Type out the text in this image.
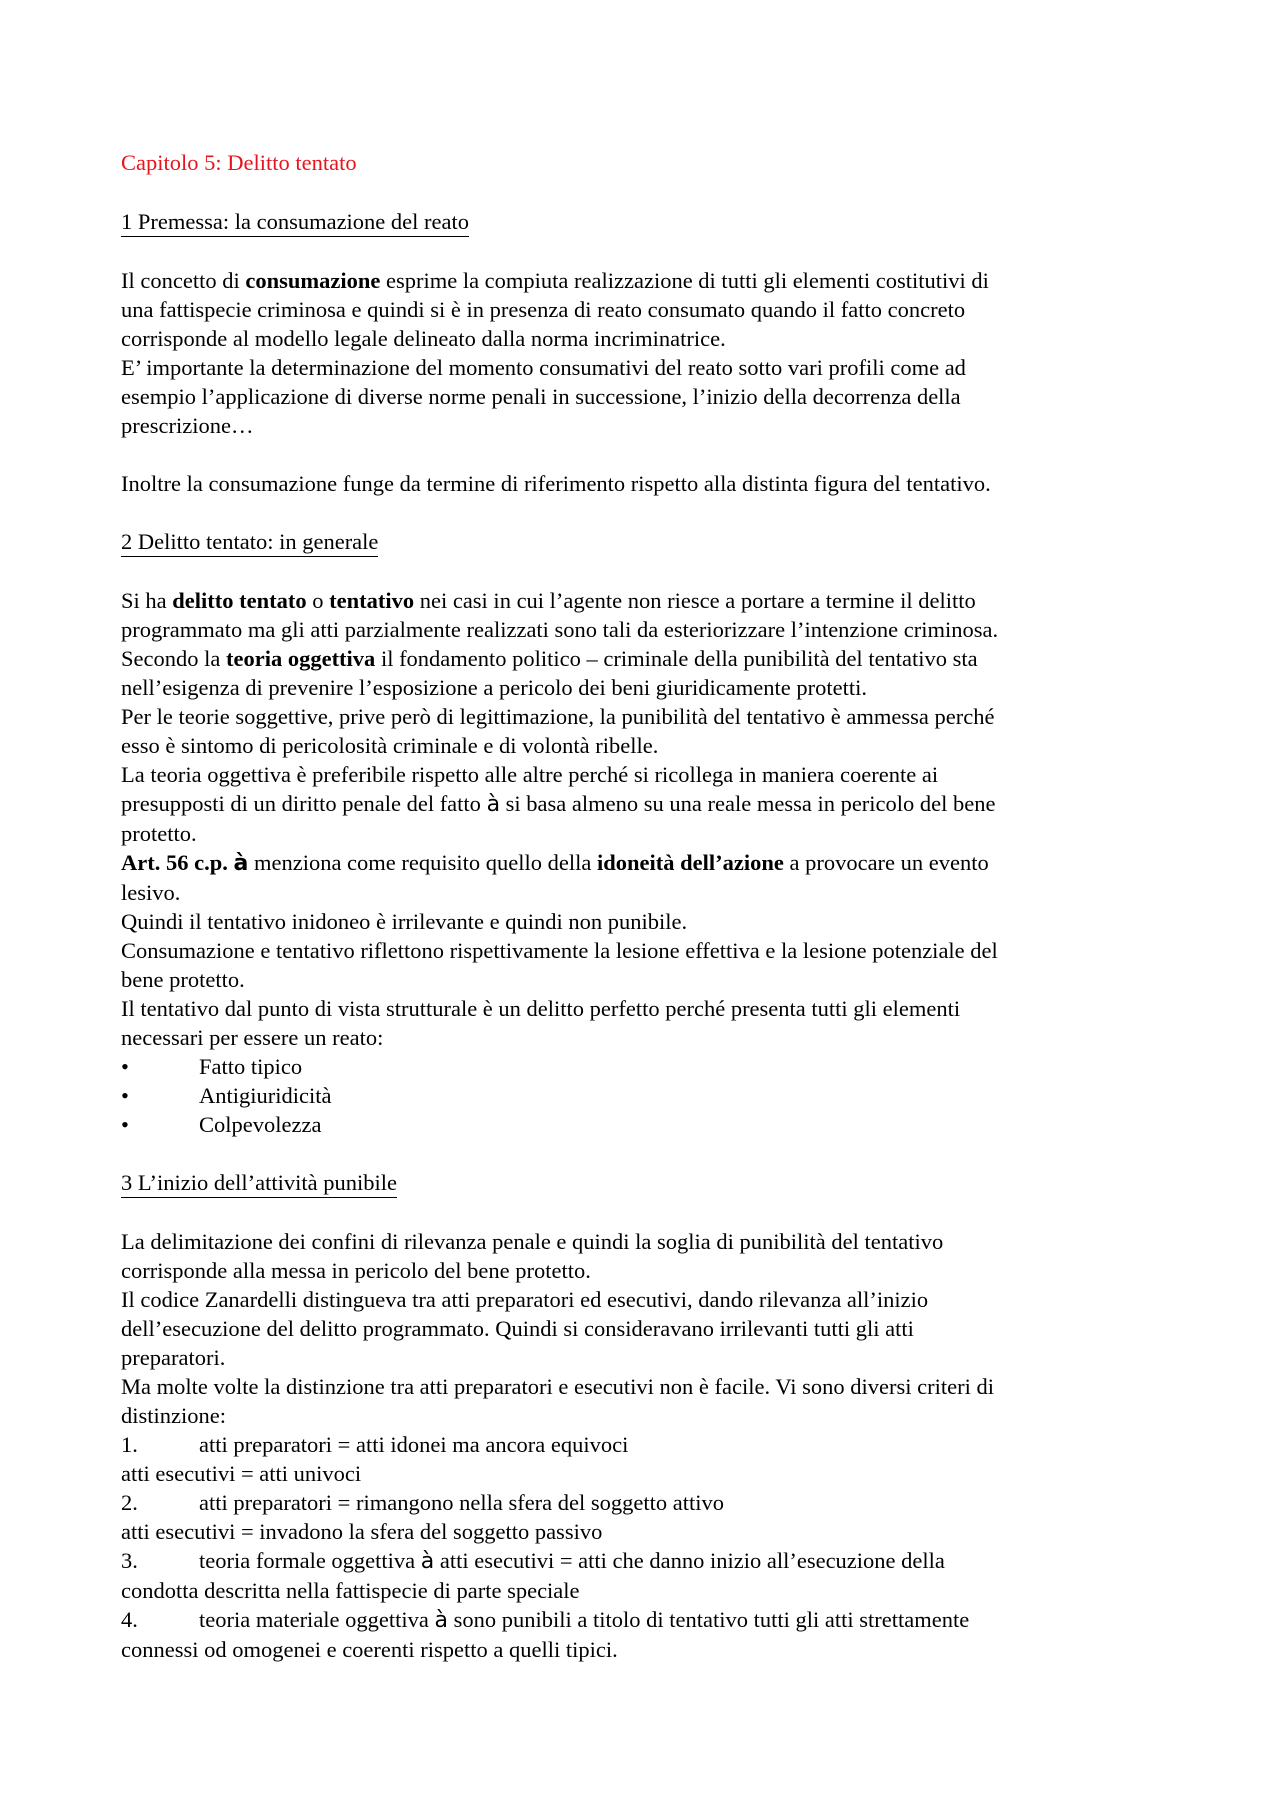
Capitolo 5: Delitto tentato
1 Premessa: la consumazione del reato
Il concetto di consumazione esprime la compiuta realizzazione di tutti gli elementi costitutivi di
una fattispecie criminosa e quindi si è in presenza di reato consumato quando il fatto concreto
corrisponde al modello legale delineato dalla norma incriminatrice.
E’ importante la determinazione del momento consumativi del reato sotto vari profili come ad
esempio l’applicazione di diverse norme penali in successione, l’inizio della decorrenza della
prescrizione…
Inoltre la consumazione funge da termine di riferimento rispetto alla distinta figura del tentativo.
2 Delitto tentato: in generale
Si ha delitto tentato o tentativo nei casi in cui l’agente non riesce a portare a termine il delitto
programmato ma gli atti parzialmente realizzati sono tali da esteriorizzare l’intenzione criminosa.
Secondo la teoria oggettiva il fondamento politico – criminale della punibilità del tentativo sta
nell’esigenza di prevenire l’esposizione a pericolo dei beni giuridicamente protetti.
Per le teorie soggettive, prive però di legittimazione, la punibilità del tentativo è ammessa perché
esso è sintomo di pericolosità criminale e di volontà ribelle.
La teoria oggettiva è preferibile rispetto alle altre perché si ricollega in maniera coerente ai
presupposti di un diritto penale del fatto à si basa almeno su una reale messa in pericolo del bene
protetto.
Art. 56 c.p. à menziona come requisito quello della idoneità dell’azione a provocare un evento
lesivo.
Quindi il tentativo inidoneo è irrilevante e quindi non punibile.
Consumazione e tentativo riflettono rispettivamente la lesione effettiva e la lesione potenziale del
bene protetto.
Il tentativo dal punto di vista strutturale è un delitto perfetto perché presenta tutti gli elementi
necessari per essere un reato:
•	Fatto tipico
•	Antigiuridicità
•	Colpevolezza
3 L’inizio dell’attività punibile
La delimitazione dei confini di rilevanza penale e quindi la soglia di punibilità del tentativo
corrisponde alla messa in pericolo del bene protetto.
Il codice Zanardelli distingueva tra atti preparatori ed esecutivi, dando rilevanza all’inizio
dell’esecuzione del delitto programmato. Quindi si consideravano irrilevanti tutti gli atti
preparatori.
Ma molte volte la distinzione tra atti preparatori e esecutivi non è facile. Vi sono diversi criteri di
distinzione:
1.	atti preparatori = atti idonei ma ancora equivoci
atti esecutivi = atti univoci
2.	atti preparatori = rimangono nella sfera del soggetto attivo
atti esecutivi = invadono la sfera del soggetto passivo
3.	teoria formale oggettiva à atti esecutivi = atti che danno inizio all’esecuzione della
condotta descritta nella fattispecie di parte speciale
4.	teoria materiale oggettiva à sono punibili a titolo di tentativo tutti gli atti strettamente
connessi od omogenei e coerenti rispetto a quelli tipici.
